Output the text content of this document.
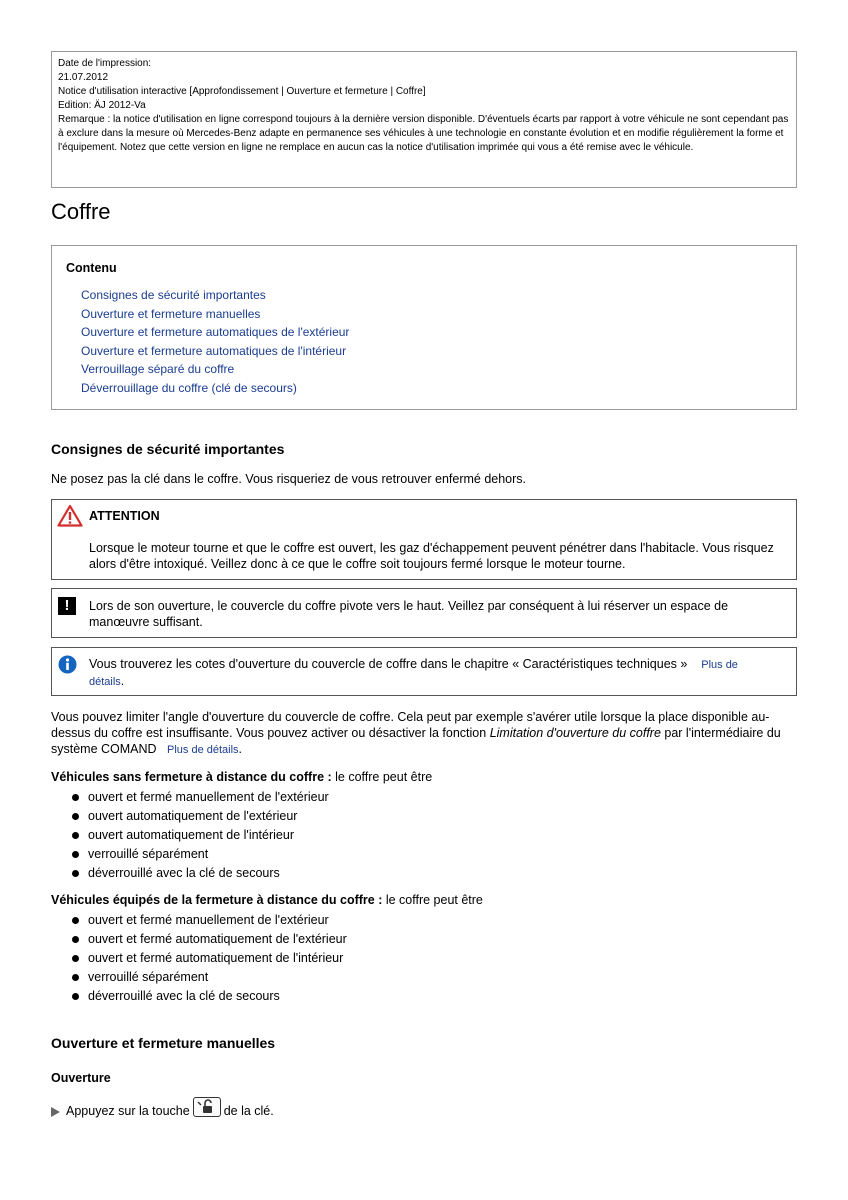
Date de l'impression:
21.07.2012
Notice d'utilisation interactive [Approfondissement | Ouverture et fermeture | Coffre]
Edition: ÄJ 2012-Va
Remarque : la notice d'utilisation en ligne correspond toujours à la dernière version disponible. D'éventuels écarts par rapport à votre véhicule ne sont cependant pas à exclure dans la mesure où Mercedes-Benz adapte en permanence ses véhicules à une technologie en constante évolution et en modifie régulièrement la forme et l'équipement. Notez que cette version en ligne ne remplace en aucun cas la notice d'utilisation imprimée qui vous a été remise avec le véhicule.
Coffre
Contenu
Consignes de sécurité importantes
Ouverture et fermeture manuelles
Ouverture et fermeture automatiques de l'extérieur
Ouverture et fermeture automatiques de l'intérieur
Verrouillage séparé du coffre
Déverrouillage du coffre (clé de secours)
Consignes de sécurité importantes

Ne posez pas la clé dans le coffre. Vous risqueriez de vous retrouver enfermé dehors.

ATTENTION
Lorsque le moteur tourne et que le coffre est ouvert, les gaz d'échappement peuvent pénétrer dans l'habitacle. Vous risquez alors d'être intoxiqué. Veillez donc à ce que le coffre soit toujours fermé lorsque le moteur tourne.
!	Lors de son ouverture, le couvercle du coffre pivote vers le haut. Veillez par conséquent à lui réserver un espace de manœuvre suffisant.
Vous trouverez les cotes d'ouverture du couvercle de coffre dans le chapitre « Caractéristiques techniques » Plus de
détails.

Vous pouvez limiter l'angle d'ouverture du couvercle de coffre. Cela peut par exemple s'avérer utile lorsque la place disponible au-dessus du coffre est insuffisante. Vous pouvez activer ou désactiver la fonction Limitation d'ouverture du coffre par l'intermédiaire du système COMAND Plus de détails.

Véhicules sans fermeture à distance du coffre : le coffre peut être

ouvert et fermé manuellement de l'extérieur
ouvert automatiquement de l'extérieur
ouvert automatiquement de l'intérieur
verrouillé séparément
déverrouillé avec la clé de secours

Véhicules équipés de la fermeture à distance du coffre : le coffre peut être

ouvert et fermé manuellement de l'extérieur
ouvert et fermé automatiquement de l'extérieur
ouvert et fermé automatiquement de l'intérieur
verrouillé séparément
déverrouillé avec la clé de secours
Ouverture et fermeture manuelles
Ouverture
Appuyez sur la touche	de la clé.
